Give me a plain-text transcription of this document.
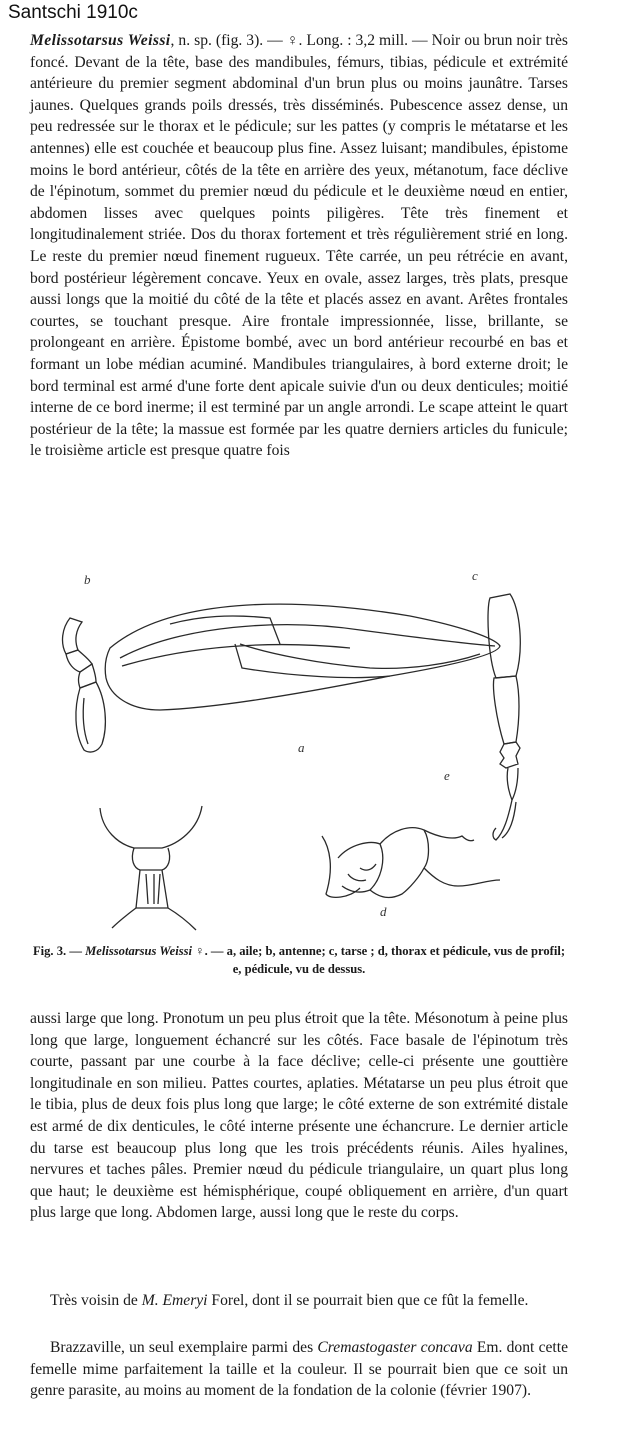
Santschi 1910c

Melissotarsus Weissi, n. sp. (fig. 3). — ♀. Long. : 3,2 mill. — Noir ou brun noir très foncé. Devant de la tête, base des mandibules, fémurs, tibias, pédicule et extrémité antérieure du premier segment abdominal d'un brun plus ou moins jaunâtre. Tarses jaunes. Quelques grands poils dressés, très disséminés. Pubescence assez dense, un peu redressée sur le thorax et le pédicule; sur les pattes (y compris le métatarse et les antennes) elle est couchée et beaucoup plus fine. Assez luisant; mandibules, épistome moins le bord antérieur, côtés de la tête en arrière des yeux, métanotum, face déclive de l'épinotum, sommet du premier nœud du pédicule et le deuxième nœud en entier, abdomen lisses avec quelques points piligères. Tête très finement et longitudinalement striée. Dos du thorax fortement et très régulièrement strié en long. Le reste du premier nœud finement rugueux. Tête carrée, un peu rétrécie en avant, bord postérieur légèrement concave. Yeux en ovale, assez larges, très plats, presque aussi longs que la moitié du côté de la tête et placés assez en avant. Arêtes frontales courtes, se touchant presque. Aire frontale impressionnée, lisse, brillante, se prolongeant en arrière. Épistome bombé, avec un bord antérieur recourbé en bas et formant un lobe médian acuminé. Mandibules triangulaires, à bord externe droit; le bord terminal est armé d'une forte dent apicale suivie d'un ou deux denticules; moitié interne de ce bord inerme; il est terminé par un angle arrondi. Le scape atteint le quart postérieur de la tête; la massue est formée par les quatre derniers articles du funicule; le troisième article est presque quatre fois

b	c
a
e
d

Fig. 3. — Melissotarsus Weissi ♀. — a, aile; b, antenne; c, tarse ; d, thorax et pédicule, vus de profil; e, pédicule, vu de dessus.

aussi large que long. Pronotum un peu plus étroit que la tête. Mésonotum à peine plus long que large, longuement échancré sur les côtés. Face basale de l'épinotum très courte, passant par une courbe à la face déclive; celle-ci présente une gouttière longitudinale en son milieu. Pattes courtes, aplaties. Métatarse un peu plus étroit que le tibia, plus de deux fois plus long que large; le côté externe de son extrémité distale est armé de dix denticules, le côté interne présente une échancrure. Le dernier article du tarse est beaucoup plus long que les trois précédents réunis. Ailes hyalines, nervures et taches pâles. Premier nœud du pédicule triangulaire, un quart plus long que haut; le deuxième est hémisphérique, coupé obliquement en arrière, d'un quart plus large que long. Abdomen large, aussi long que le reste du corps.

Très voisin de M. Emeryi Forel, dont il se pourrait bien que ce fût la femelle.

Brazzaville, un seul exemplaire parmi des Cremastogaster concava Em. dont cette femelle mime parfaitement la taille et la couleur. Il se pourrait bien que ce soit un genre parasite, au moins au moment de la fondation de la colonie (février 1907).
